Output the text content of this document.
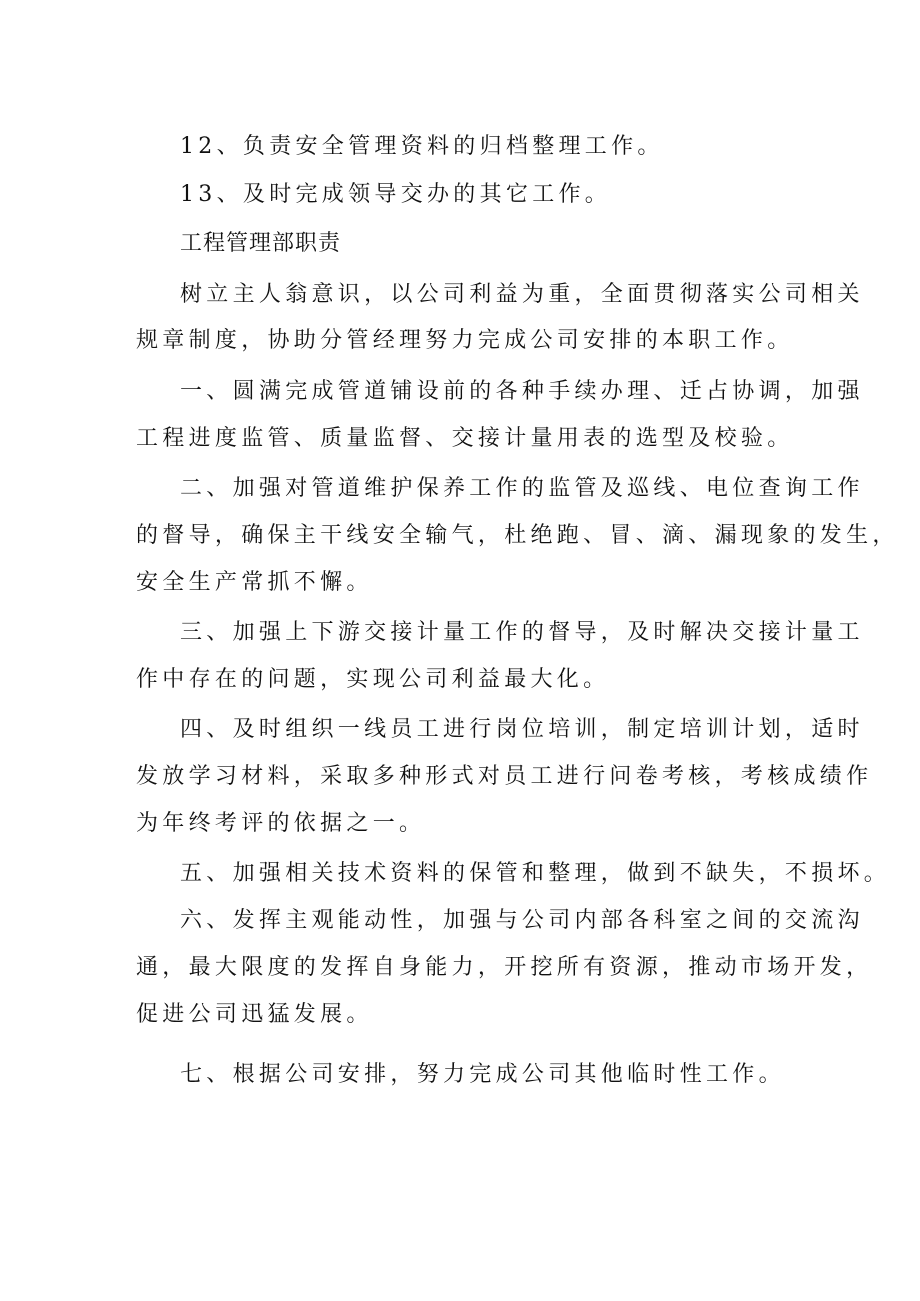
12、负责安全管理资料的归档整理工作。
13、及时完成领导交办的其它工作。
工程管理部职责
树立主人翁意识，以公司利益为重，全面贯彻落实公司相关
规章制度，协助分管经理努力完成公司安排的本职工作。
一、圆满完成管道铺设前的各种手续办理、迁占协调，加强
工程进度监管、质量监督、交接计量用表的选型及校验。
二、加强对管道维护保养工作的监管及巡线、电位查询工作
的督导，确保主干线安全输气，杜绝跑、冒、滴、漏现象的发生，
安全生产常抓不懈。
三、加强上下游交接计量工作的督导，及时解决交接计量工
作中存在的问题，实现公司利益最大化。
四、及时组织一线员工进行岗位培训，制定培训计划，适时
发放学习材料，采取多种形式对员工进行问卷考核，考核成绩作
为年终考评的依据之一。
五、加强相关技术资料的保管和整理，做到不缺失，不损坏。
六、发挥主观能动性，加强与公司内部各科室之间的交流沟
通，最大限度的发挥自身能力，开挖所有资源，推动市场开发，
促进公司迅猛发展。
七、根据公司安排，努力完成公司其他临时性工作。
